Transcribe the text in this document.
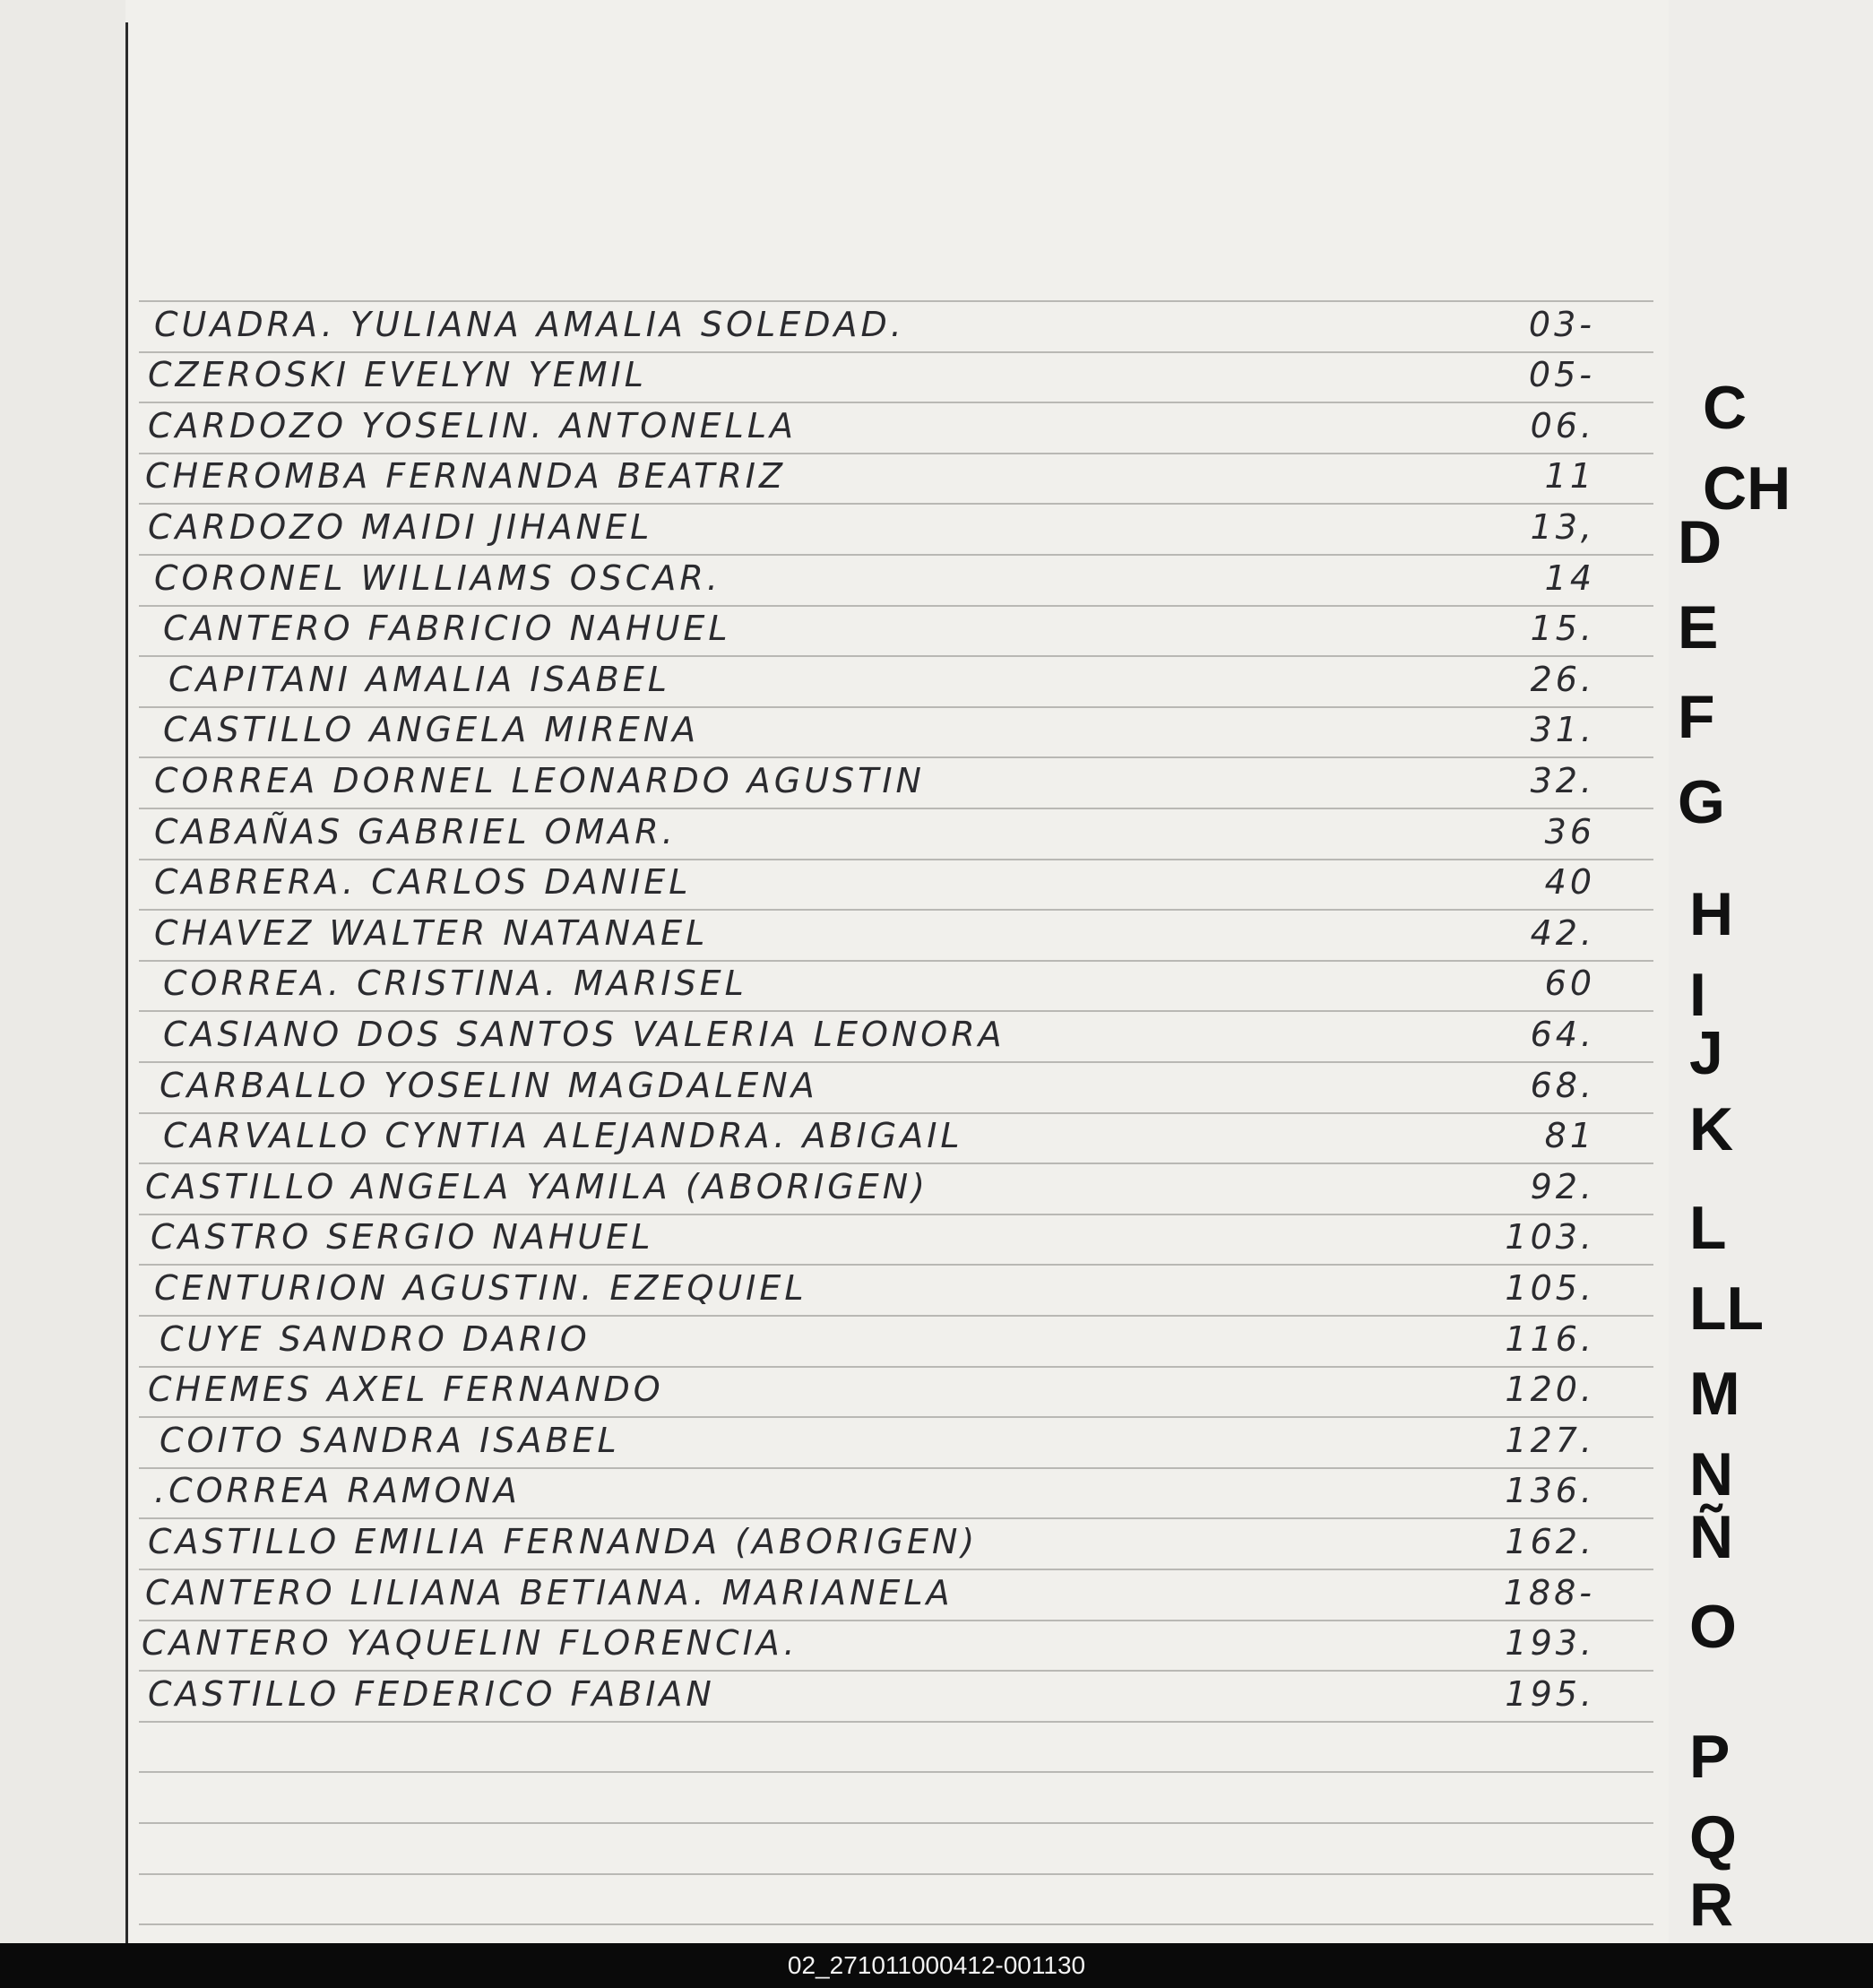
CUADRA. YULIANA AMALIA SOLEDAD.	03-
CZEROSKI EVELYN YEMIL	05-
CARDOZO YOSELIN. ANTONELLA	06.
CHEROMBA FERNANDA BEATRIZ	11
CARDOZO MAIDI JIHANEL	13,
CORONEL WILLIAMS OSCAR.	14
CANTERO FABRICIO NAHUEL	15.
CAPITANI AMALIA ISABEL	26.
CASTILLO ANGELA MIRENA	31.
CORREA DORNEL LEONARDO AGUSTIN	32.
CABAÑAS GABRIEL OMAR.	36
CABRERA. CARLOS DANIEL	40
CHAVEZ WALTER NATANAEL	42.
CORREA. CRISTINA. MARISEL	60
CASIANO DOS SANTOS VALERIA LEONORA	64.
CARBALLO YOSELIN MAGDALENA	68.
CARVALLO CYNTIA ALEJANDRA. ABIGAIL	81
CASTILLO ANGELA YAMILA (ABORIGEN)	92.
CASTRO SERGIO NAHUEL	103.
CENTURION AGUSTIN. EZEQUIEL	105.
CUYE SANDRO DARIO	116.
CHEMES AXEL FERNANDO	120.
COITO SANDRA ISABEL	127.
.CORREA RAMONA	136.
CASTILLO EMILIA FERNANDA (ABORIGEN)	162.
CANTERO LILIANA BETIANA. MARIANELA	188-
CANTERO YAQUELIN FLORENCIA.	193.
CASTILLO FEDERICO FABIAN	195.
C
CH
D
E
F
G
H
I
J
K
L
LL
M
N
Ñ
O
P
Q
R
02_271011000412-001130
